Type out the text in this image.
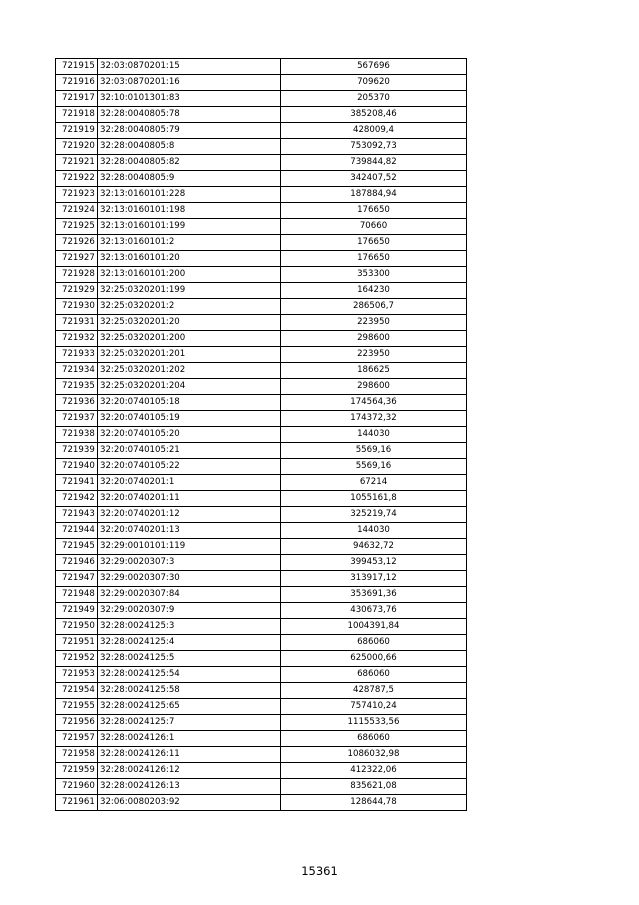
721915	32:03:0870201:15	567696
721916	32:03:0870201:16	709620
721917	32:10:0101301:83	205370
721918	32:28:0040805:78	385208,46
721919	32:28:0040805:79	428009,4
721920	32:28:0040805:8	753092,73
721921	32:28:0040805:82	739844,82
721922	32:28:0040805:9	342407,52
721923	32:13:0160101:228	187884,94
721924	32:13:0160101:198	176650
721925	32:13:0160101:199	70660
721926	32:13:0160101:2	176650
721927	32:13:0160101:20	176650
721928	32:13:0160101:200	353300
721929	32:25:0320201:199	164230
721930	32:25:0320201:2	286506,7
721931	32:25:0320201:20	223950
721932	32:25:0320201:200	298600
721933	32:25:0320201:201	223950
721934	32:25:0320201:202	186625
721935	32:25:0320201:204	298600
721936	32:20:0740105:18	174564,36
721937	32:20:0740105:19	174372,32
721938	32:20:0740105:20	144030
721939	32:20:0740105:21	5569,16
721940	32:20:0740105:22	5569,16
721941	32:20:0740201:1	67214
721942	32:20:0740201:11	1055161,8
721943	32:20:0740201:12	325219,74
721944	32:20:0740201:13	144030
721945	32:29:0010101:119	94632,72
721946	32:29:0020307:3	399453,12
721947	32:29:0020307:30	313917,12
721948	32:29:0020307:84	353691,36
721949	32:29:0020307:9	430673,76
721950	32:28:0024125:3	1004391,84
721951	32:28:0024125:4	686060
721952	32:28:0024125:5	625000,66
721953	32:28:0024125:54	686060
721954	32:28:0024125:58	428787,5
721955	32:28:0024125:65	757410,24
721956	32:28:0024125:7	1115533,56
721957	32:28:0024126:1	686060
721958	32:28:0024126:11	1086032,98
721959	32:28:0024126:12	412322,06
721960	32:28:0024126:13	835621,08
721961	32:06:0080203:92	128644,78
15361
